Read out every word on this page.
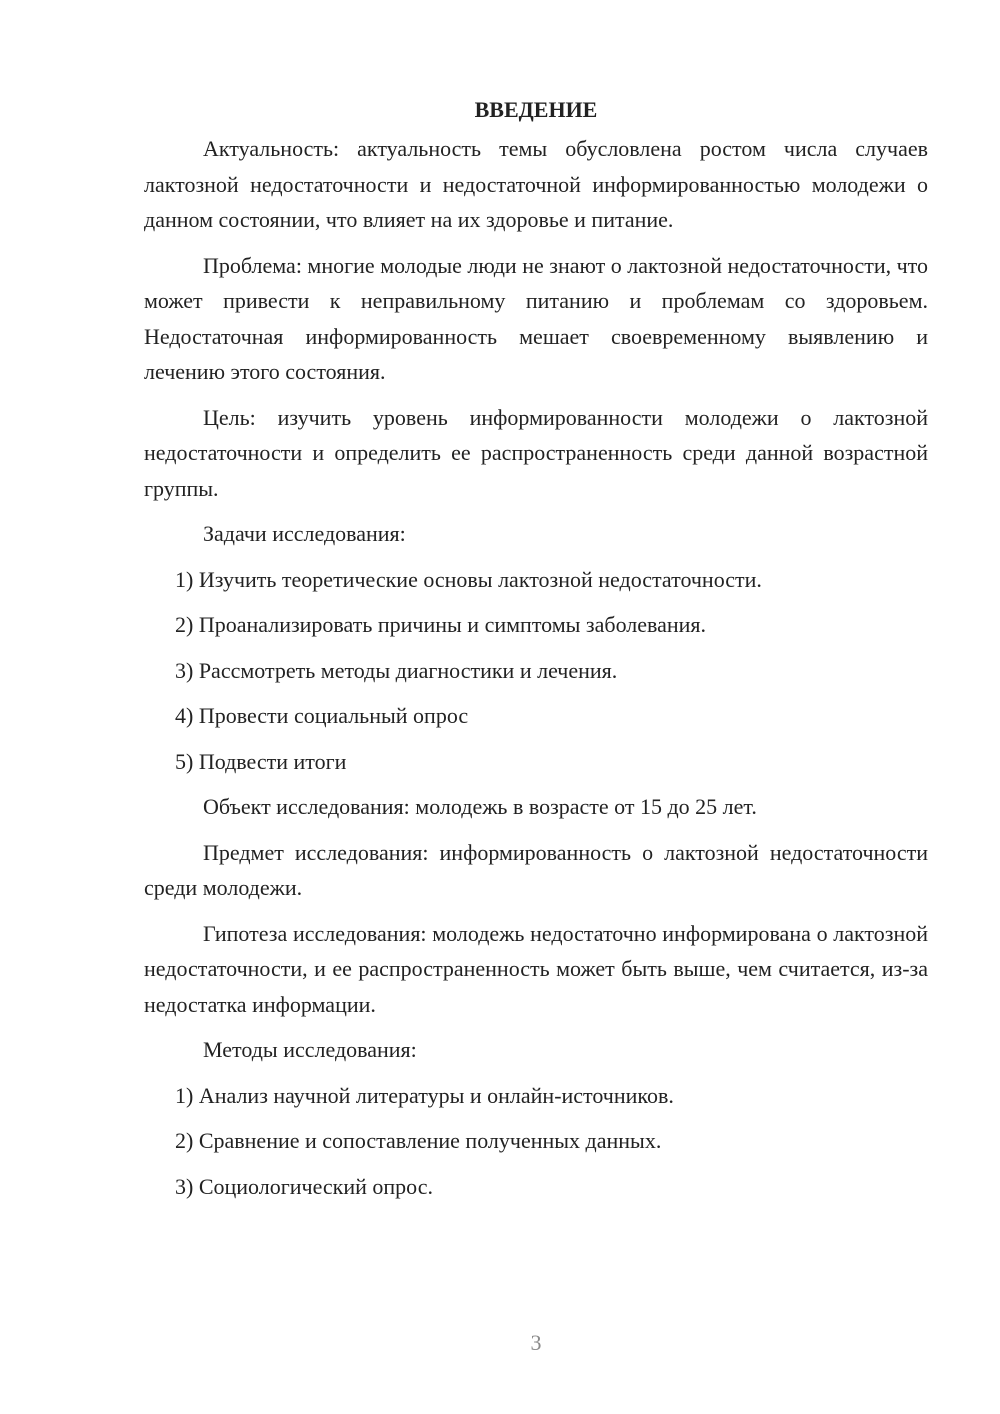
ВВЕДЕНИЕ

Актуальность: актуальность темы обусловлена ростом числа случаев лактозной недостаточности и недостаточной информированностью молодежи о данном состоянии, что влияет на их здоровье и питание.

Проблема: многие молодые люди не знают о лактозной недостаточности, что может привести к неправильному питанию и проблемам со здоровьем. Недостаточная информированность мешает своевременному выявлению и лечению этого состояния.

Цель: изучить уровень информированности молодежи о лактозной недостаточности и определить ее распространенность среди данной возрастной группы.

Задачи исследования:

1) Изучить теоретические основы лактозной недостаточности.
2) Проанализировать причины и симптомы заболевания.
3) Рассмотреть методы диагностики и лечения.
4) Провести социальный опрос
5) Подвести итоги

Объект исследования: молодежь в возрасте от 15 до 25 лет.

Предмет исследования: информированность о лактозной недостаточности среди молодежи.

Гипотеза исследования: молодежь недостаточно информирована о лактозной недостаточности, и ее распространенность может быть выше, чем считается, из-за недостатка информации.

Методы исследования:

1) Анализ научной литературы и онлайн-источников.
2) Сравнение и сопоставление полученных данных.
3) Социологический опрос.
3
